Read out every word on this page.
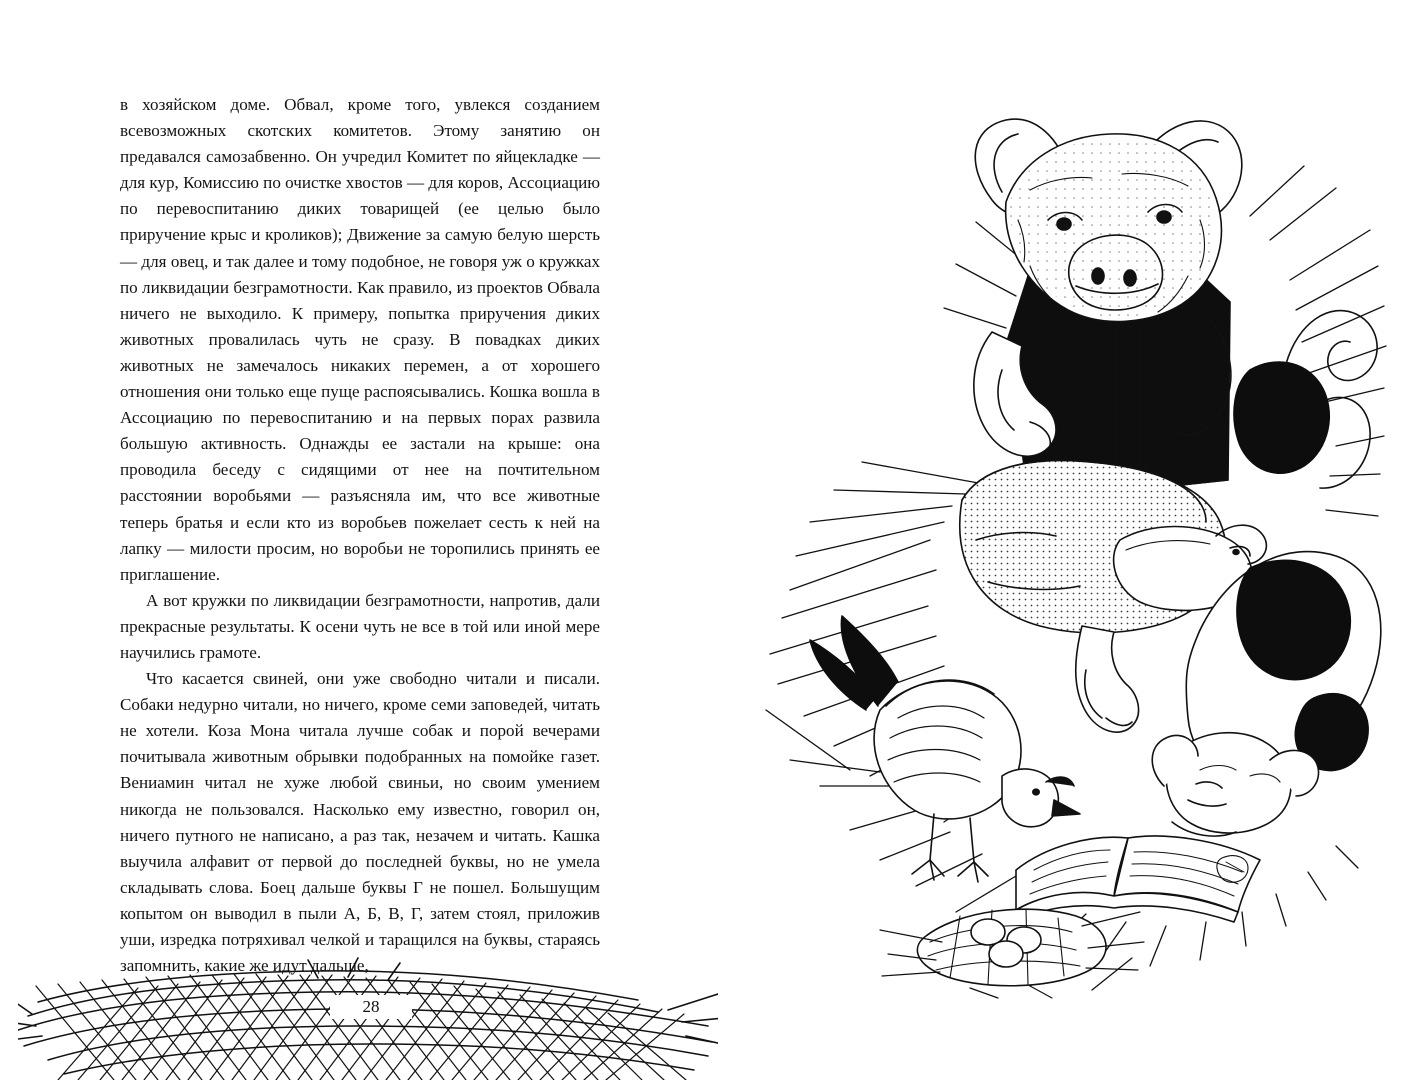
в хозяйском доме. Обвал, кроме того, увлекся созданием всевозможных скотских комитетов. Этому занятию он предавался самозабвенно. Он учредил Комитет по яйцекладке — для кур, Комиссию по очистке хвостов — для коров, Ассоциацию по перевоспитанию диких товарищей (ее целью было приручение крыс и кроликов); Движение за самую белую шерсть — для овец, и так далее и тому подобное, не говоря уж о кружках по ликвидации безграмотности. Как правило, из проектов Обвала ничего не выходило. К примеру, попытка приручения диких животных провалилась чуть не сразу. В повадках диких животных не замечалось никаких перемен, а от хорошего отношения они только еще пуще распоясывались. Кошка вошла в Ассоциацию по перевоспитанию и на первых порах развила большую активность. Однажды ее застали на крыше: она проводила беседу с сидящими от нее на почтительном расстоянии воробьями — разъясняла им, что все животные теперь братья и если кто из воробьев пожелает сесть к ней на лапку — милости просим, но воробьи не торопились принять ее приглашение.

А вот кружки по ликвидации безграмотности, напротив, дали прекрасные результаты. К осени чуть не все в той или иной мере научились грамоте.

Что касается свиней, они уже свободно читали и писали. Собаки недурно читали, но ничего, кроме семи заповедей, читать не хотели. Коза Мона читала лучше собак и порой вечерами почитывала животным обрывки подобранных на помойке газет. Вениамин читал не хуже любой свиньи, но своим умением никогда не пользовался. Насколько ему известно, говорил он, ничего путного не написано, а раз так, незачем и читать. Кашка выучила алфавит от первой до последней буквы, но не умела складывать слова. Боец дальше буквы Г не пошел. Большущим копытом он выводил в пыли А, Б, В, Г, затем стоял, приложив уши, изредка потряхивал челкой и таращился на буквы, стараясь запомнить, какие же идут дальше,

28
